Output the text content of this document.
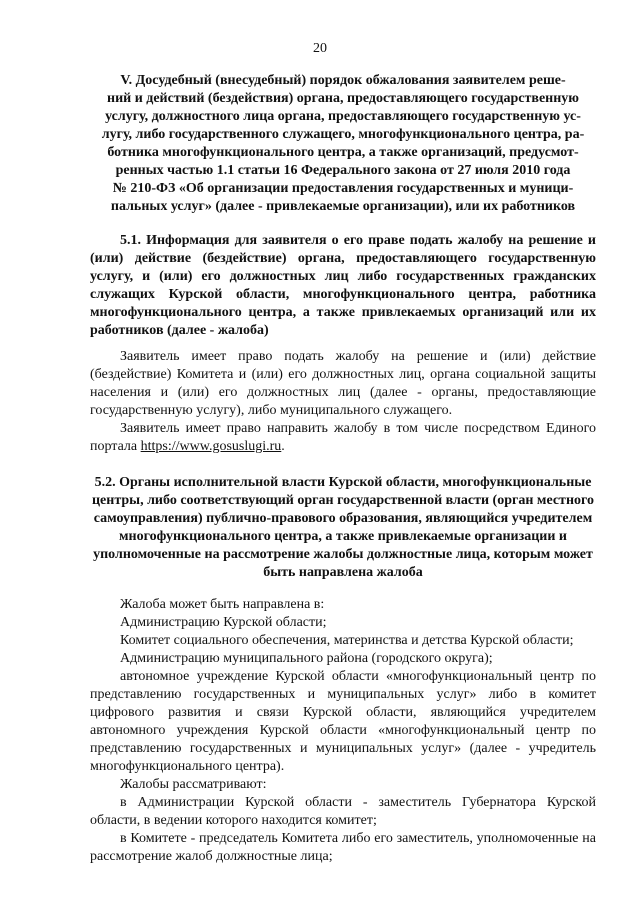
20
V. Досудебный (внесудебный) порядок обжалования заявителем реше-
ний и действий (бездействия) органа, предоставляющего государственную
услугу, должностного лица органа, предоставляющего государственную ус-
лугу, либо государственного служащего, многофункционального центра, ра-
ботника многофункционального центра, а также организаций, предусмот-
ренных частью 1.1 статьи 16 Федерального закона от 27 июля 2010 года
№ 210-ФЗ «Об организации предоставления государственных и муници-
пальных услуг» (далее - привлекаемые организации), или их работников
5.1. Информация для заявителя о его праве подать жалобу на решение и (или) действие (бездействие) органа, предоставляющего государственную услугу, и (или) его должностных лиц либо государственных гражданских служащих Курской области, многофункционального центра, работника многофункционального центра, а также привлекаемых организаций или их работников (далее - жалоба)

Заявитель имеет право подать жалобу на решение и (или) действие (бездействие) Комитета и (или) его должностных лиц, органа социальной защиты населения и (или) его должностных лиц (далее - органы, предоставляющие государственную услугу), либо муниципального служащего.

Заявитель имеет право направить жалобу в том числе посредством Единого портала https://www.gosuslugi.ru.

5.2. Органы исполнительной власти Курской области, многофункциональные центры, либо соответствующий орган государственной власти (орган местного самоуправления) публично-правового образования, являющийся учредителем многофункционального центра, а также привлекаемые организации и уполномоченные на рассмотрение жалобы должностные лица, которым может быть направлена жалоба

Жалоба может быть направлена в:

Администрацию Курской области;

Комитет социального обеспечения, материнства и детства Курской области;

Администрацию муниципального района (городского округа);

автономное учреждение Курской области «многофункциональный центр по представлению государственных и муниципальных услуг» либо в комитет цифрового развития и связи Курской области, являющийся учредителем автономного учреждения Курской области «многофункциональный центр по представлению государственных и муниципальных услуг» (далее - учредитель многофункционального центра).

Жалобы рассматривают:

в Администрации Курской области - заместитель Губернатора Курской области, в ведении которого находится комитет;

в Комитете - председатель Комитета либо его заместитель, уполномоченные на рассмотрение жалоб должностные лица;
